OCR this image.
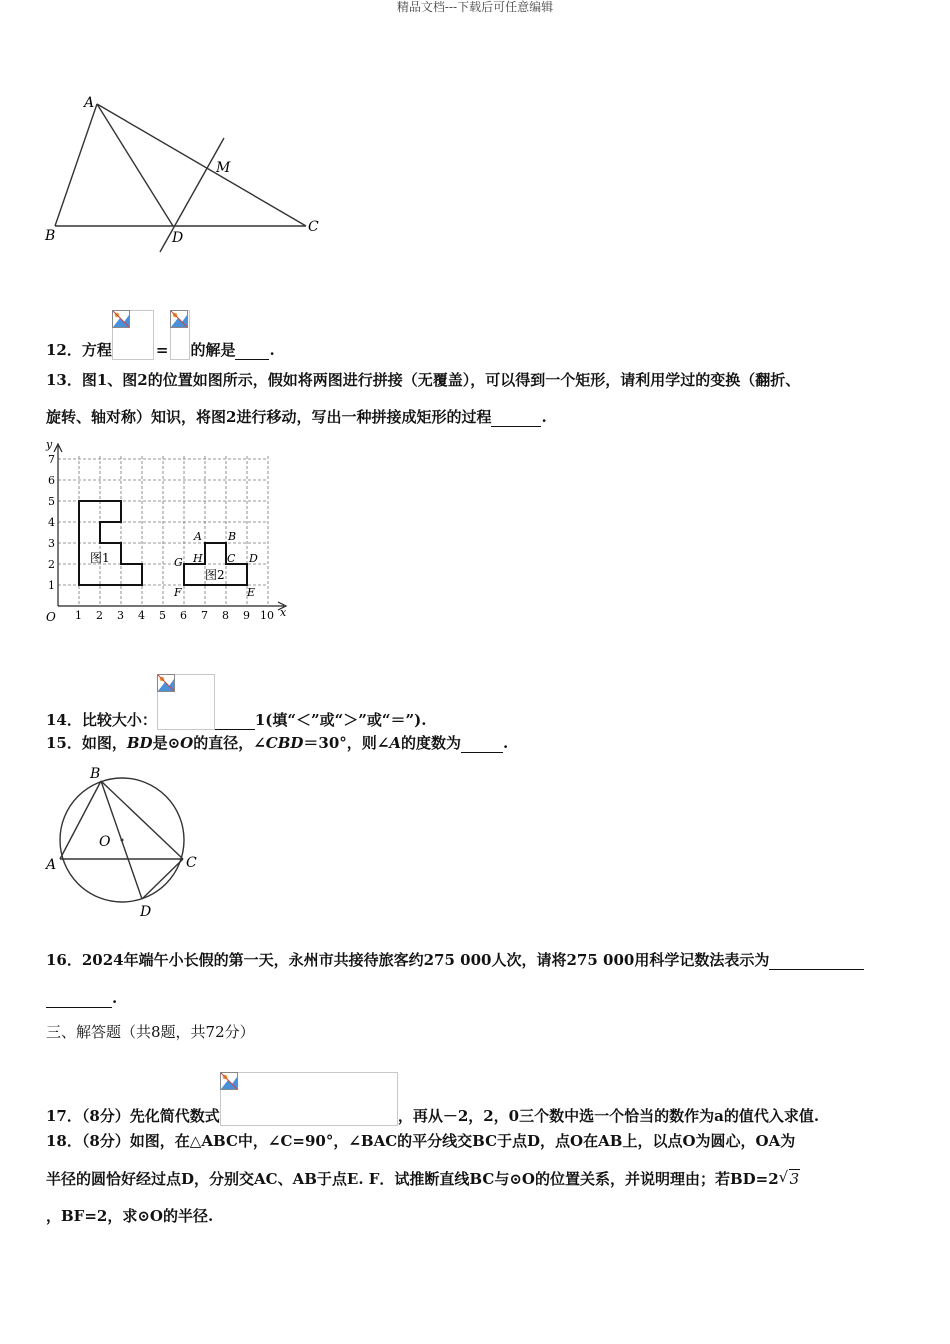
精品文档---下载后可任意编辑
A
B
C
D
M
12．方程	= 的解是 .
13．图1、图2的位置如图所示，假如将两图进行拼接（无覆盖），可以得到一个矩形，请利用学过的变换（翻折、
旋转、轴对称）知识，将图2进行移动，写出一种拼接成矩形的过程	.
y
x
O 1 2 3 4 5 6 7 8 9 10
1
2
3
4
5
6
7
图1
图2
A B
C D
E
F
G H
14．比较大小：	1(填“＜”或“＞”或“＝”).
15．如图，BD是⊙O的直径，∠CBD＝30°，则∠A的度数为	.
B
A	C
D
O
16．2024年端午小长假的第一天，永州市共接待旅客约275 000人次，请将275 000用科学记数法表示为
.
三、解答题（共8题，共72分）
17．（8分）先化简代数式	，再从－2，2，0三个数中选一个恰当的数作为a的值代入求值.
18．（8分）如图，在△ABC中，∠C=90°，∠BAC的平分线交BC于点D，点O在AB上，以点O为圆心，OA为
半径的圆恰好经过点D，分别交AC、AB于点E. F．试推断直线BC与⊙O的位置关系，并说明理由；若BD=2 √ 3
，BF=2，求⊙O的半径.
